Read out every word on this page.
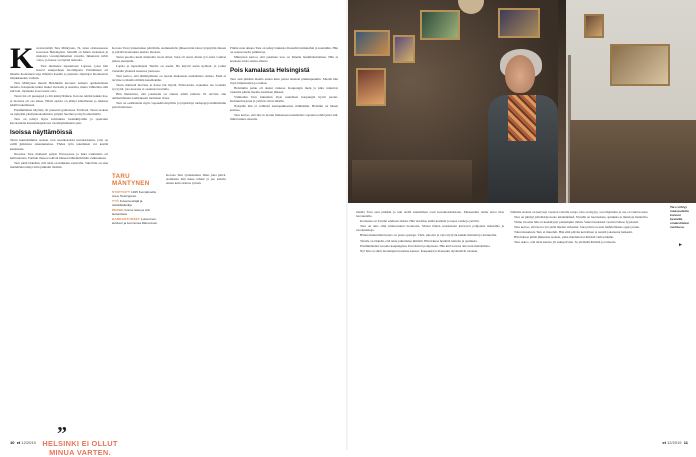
Kuvanveistäjä Taru Mäntynen, 74, istuu olohuoneessa kotonaan Helsingissä. Seinillä on hänen teoksiaan ja muistoja vuosikymmenten varrelta. Ikkunasta tulvii valoa, ja huone on täynnä tarinoita.

Taru muistelee lapsuuttaan Lapissa, jossa hän kasvoi suurperheen nuorimpana. Piirtäminen oli hänelle luontainen tapa ilmaista itseään jo pienenä. Opettajat huomasivat lahjakkuuden varhain.

Taru Mäntynen muutti Helsinkiin nuorena naisena opiskelemaan taidetta. Kaupunki tuntui aluksi vieraalta ja suurelta, mutta vähitellen siitä tuli koti. Opiskelu avasi uusia ovia.

Tarun isä oli puuseppä ja äiti käsityöläinen. Kotona tehtiin kaikki itse, ja luovuus oli osa arkea. Niistä ajoista on jäänyt kiitollisuus ja rakkaus käsillä tekemiseen.

Ensimmäinen näyttely oli pienessä galleriassa Töölössä. Tarun teoksia on nykyään yksityiskokoelmissa ympäri Suomea ja myös ulkomailla.

Taru on tehnyt myös kuvituksia lastenkirjoihin ja opettanut kuvataidetta kansalaisopistossa vuosikymmenten ajan.

Isoissa näyttämöissä

Tarun kuuluisimmat teokset ovat suurikokoisia kuvakudoksia, joita on esillä julkisissa rakennuksissa. Yhden työn tekeminen voi kestää kuukausia.

Nuorena Taru matkusti paljon Euroopassa ja haki vaikutteita eri kulttuureista. Pariisin museot tekivät häneen lähtemättömän vaikutuksen.

Taru pitää tärkeänä, että taide on kaikkien saatavilla. Siksi hän on aina mielellään tehnyt töitä julkisiin tiloihin.

Kotona Taru työskentelee päivittäin. Aamukahvin jälkeen hän istuu työpöydän ääreen ja piirtää luonnoksia uusista ideoista.

Tarun puoliso kuoli muutama vuosi sitten. Suru oli suuri, mutta työ antoi voimaa jatkaa eteenpäin.

Lapsia ja lapsenlapsia Tarulla on useita. He käyvät usein kylässä, ja joulut vietetään yhdessä suuressa joukossa.

Taru kertoo, että ikääntyminen on tuonut mukanaan uudenlaista rauhaa. Enää ei tarvitse todistella mitään kenellekään.

Tarun mielestä luovuus ei katoa iän myötä. Päinvastoin, kokemus tuo teoksiin syvyyttä, jota nuorena ei osannut tavoitella.

Hän muistuttaa, että jokaisella on oikeus tehdä taidetta. Ei tarvitse olla ammattilainen nauttiakseen luomisen ilosta.

Taru on osallistunut myös vapaaehtoistyöhön ja järjestänyt taidepajoja ikäihmisille palvelutaloissa.

TARU MÄNTYNEN
SYNTYNYT 1945 Kemijärvellä. Asuu Helsingissä.
TYÖ Kuvanveistäjä ja tekstiilitaiteilija.
PERHE Kolme lasta ja viisi lastenlasta.
HARRASTUKSET Lukeminen, kulttuuri ja luonnossa liikkuminen.

Kotona Taru työskentelee lähes joka päivä. Aamuisin hän lukee lehdet ja juo kahvin ennen kuin aloittaa työnsä.

Pitkän uran aikana Taru on tehnyt lukuisia tilaustöitä kirkkoihin ja kouluihin. Hän on saanut useita palkintoja.

Mäntynen kertoo, että jokainen teos on hänelle henkilökohtainen. Hän ei koskaan toista samaa aihetta.

Pois kamalasta Helsingistä

Taru asui pitkään maalla ennen kuin palasi takaisin pääkaupunkiin. Maalla hän löysi hiljaisuuden ja rauhan.

Helsinkiin paluu oli aluksi vaikeaa. Kaupungin melu ja kiire tuntuivat raskailta pitkän maalla asumisen jälkeen.

Vähitellen Taru kuitenkin löysi uudelleen kaupungin hyvät puolet. Kulttuuritarjonta ja ystävät olivat lähellä.

Nykyään hän ei vaihtaisi asuinpaikkaansa mihinkään. Helsinki on hänen kotinsa.

Taru kertoo, että ikä on tuonut mukanaan uudenlaista vapautta tehdä juuri sitä, mikä tuntuu oikealta.

”
HELSINKI EI OLLUT MINUA VARTEN.
10 et 12/2019

maalla Taru asui pitkään ja teki siellä suurimman osan kuvakudoksistaan. Maaseudun rauha antoi tilaa luovuudelle.

Kotiseutu on Tarulle edelleen tärkeä. Hän vierailee siellä kesäisin ja tapaa vanhoja ystäviä.

Taru on aina ollut kiinnostunut luonnosta. Monet hänen teoksistaan kuvaavat pohjoisen maisemia ja vuodenaikoja.

Hänen mielestään luonto on paras opettaja. Värit, muodot ja valo löytyvät kaikki metsästä ja tuntureilta.

Tarulle on tärkeää, että taide puhuttelee ihmisiä. Hän haluaa herättää tunteita ja ajatuksia.

Ensimmäisinä vuosina kaupungissa Taru ikävöi pohjoiseen. Hän kävi kotona aina kun mahdollista.

Nyt hän on sinut molempien kotiensa kanssa. Kaupunki ja maaseutu täydentävät toisiaan.

Valmiita teoksia on kertynyt vuosien varrella satoja. Osa on myyty, osa lahjoitettu ja osa on vielä kotona.

Taru on pitänyt päiväkirjaa koko aikuisikänsä. Sivuilla on luonnoksia, ajatuksia ja muistoja matkoilta.

Viime vuosina hän on keskittynyt pienempiin töihin. Suuret kudokset vaativat liikaa fyysisesti.

Taru kertoo, että luova työ pitää mielen virkeänä. Joka päivä on uusi mahdollisuus oppia jotain.

Tulevaisuudesta Taru ei murehdi. Hän elää päivän kerrallaan ja nauttii jokaisesta hetkestä.

Hän haluaa jättää jälkeensä teoksia, jotka ilahduttavat ihmisiä vielä pitkään.

Taru uskoo, että taide kantaa yli sukupolvien. Se yhdistää ihmisiä ja tarinoita.

Taru viihtyy maaseudulla kunnon keskellä, omakotitalon rauhassa.
►
et 12/2019 11
